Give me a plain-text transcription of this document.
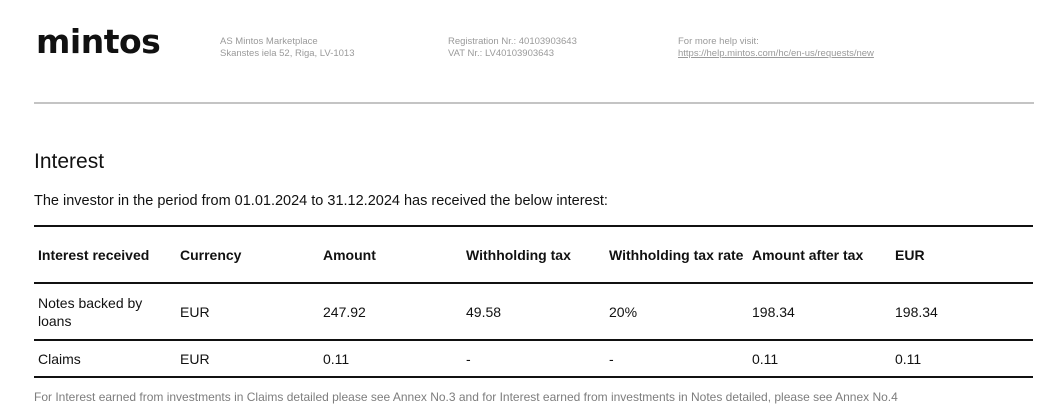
mintos	AS Mintos Marketplace
Skanstes iela 52, Riga, LV-1013
Registration Nr.: 40103903643
VAT Nr.: LV40103903643
For more help visit:
https://help.mintos.com/hc/en-us/requests/new
Interest
The investor in the period from 01.01.2024 to 31.12.2024 has received the below interest:
Interest received	Currency	Amount	Withholding tax	Withholding tax rate	Amount after tax	EUR
Notes backed by loans	EUR	247.92	49.58	20%	198.34	198.34
Claims	EUR	0.11	-	-	0.11	0.11
For Interest earned from investments in Claims detailed please see Annex No.3 and for Interest earned from investments in Notes detailed, please see Annex No.4
